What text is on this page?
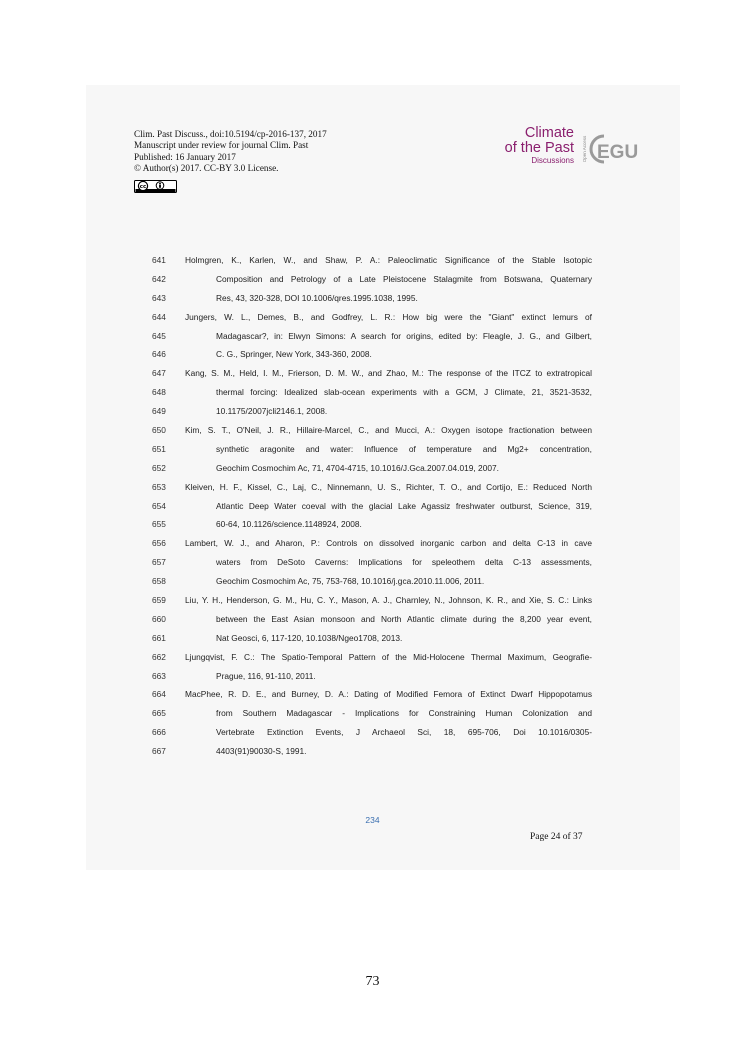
Clim. Past Discuss., doi:10.5194/cp-2016-137, 2017
Manuscript under review for journal Clim. Past
Published: 16 January 2017
© Author(s) 2017. CC-BY 3.0 License.
cc
Climate
of the Past
Discussions Open Access EGU
641	Holmgren, K., Karlen, W., and Shaw, P. A.: Paleoclimatic Significance of the Stable Isotopic
642	Composition and Petrology of a Late Pleistocene Stalagmite from Botswana, Quaternary
643	Res, 43, 320-328, DOI 10.1006/qres.1995.1038, 1995.
644	Jungers, W. L., Demes, B., and Godfrey, L. R.: How big were the "Giant" extinct lemurs of
645	Madagascar?, in: Elwyn Simons: A search for origins, edited by: Fleagle, J. G., and Gilbert,
646	C. G., Springer, New York, 343-360, 2008.
647	Kang, S. M., Held, I. M., Frierson, D. M. W., and Zhao, M.: The response of the ITCZ to extratropical
648	thermal forcing: Idealized slab-ocean experiments with a GCM, J Climate, 21, 3521-3532,
649	10.1175/2007jcli2146.1, 2008.
650	Kim, S. T., O'Neil, J. R., Hillaire-Marcel, C., and Mucci, A.: Oxygen isotope fractionation between
651	synthetic aragonite and water: Influence of temperature and Mg2+ concentration,
652	Geochim Cosmochim Ac, 71, 4704-4715, 10.1016/J.Gca.2007.04.019, 2007.
653	Kleiven, H. F., Kissel, C., Laj, C., Ninnemann, U. S., Richter, T. O., and Cortijo, E.: Reduced North
654	Atlantic Deep Water coeval with the glacial Lake Agassiz freshwater outburst, Science, 319,
655	60-64, 10.1126/science.1148924, 2008.
656	Lambert, W. J., and Aharon, P.: Controls on dissolved inorganic carbon and delta C-13 in cave
657	waters from DeSoto Caverns: Implications for speleothem delta C-13 assessments,
658	Geochim Cosmochim Ac, 75, 753-768, 10.1016/j.gca.2010.11.006, 2011.
659	Liu, Y. H., Henderson, G. M., Hu, C. Y., Mason, A. J., Charnley, N., Johnson, K. R., and Xie, S. C.: Links
660	between the East Asian monsoon and North Atlantic climate during the 8,200 year event,
661	Nat Geosci, 6, 117-120, 10.1038/Ngeo1708, 2013.
662	Ljungqvist, F. C.: The Spatio-Temporal Pattern of the Mid-Holocene Thermal Maximum, Geografie-
663	Prague, 116, 91-110, 2011.
664	MacPhee, R. D. E., and Burney, D. A.: Dating of Modified Femora of Extinct Dwarf Hippopotamus
665	from Southern Madagascar - Implications for Constraining Human Colonization and
666	Vertebrate Extinction Events, J Archaeol Sci, 18, 695-706, Doi 10.1016/0305-
667	4403(91)90030-S, 1991.
234
Page 24 of 37
73
